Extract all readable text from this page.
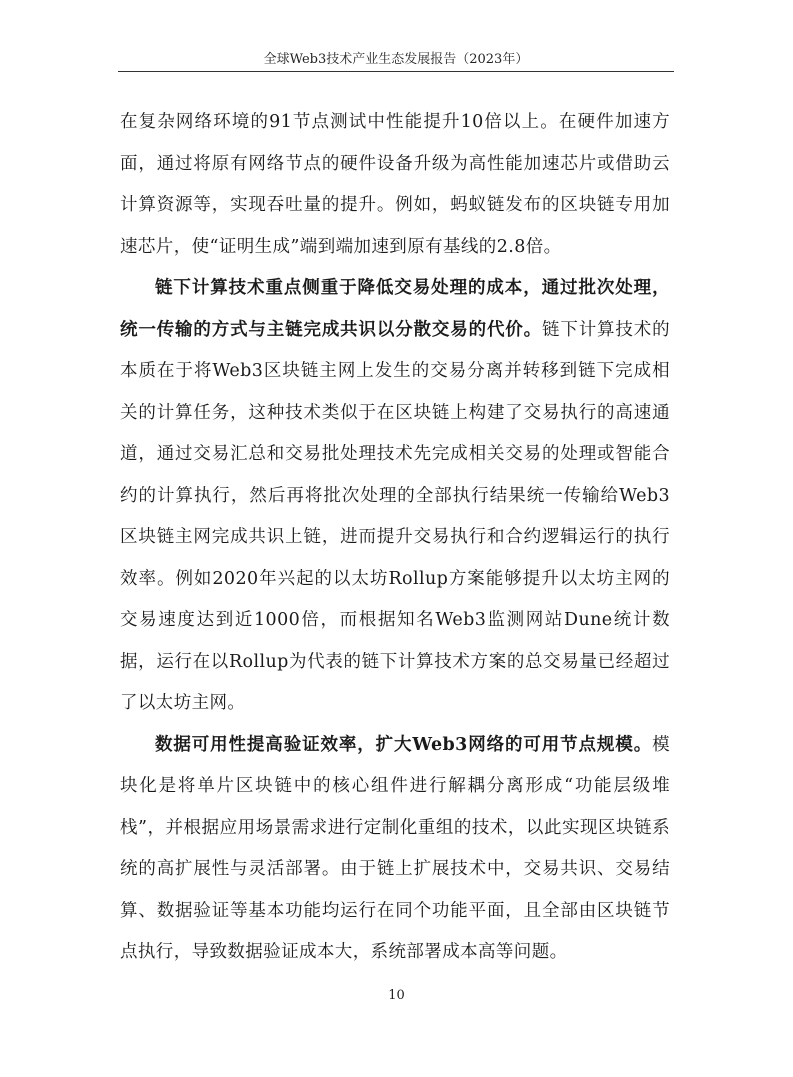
全球Web3技术产业生态发展报告（2023年）

在复杂网络环境的91节点测试中性能提升10倍以上。在硬件加速方面，通过将原有网络节点的硬件设备升级为高性能加速芯片或借助云计算资源等，实现吞吐量的提升。例如，蚂蚁链发布的区块链专用加速芯片，使“证明生成”端到端加速到原有基线的2.8倍。

链下计算技术重点侧重于降低交易处理的成本，通过批次处理，统一传输的方式与主链完成共识以分散交易的代价。链下计算技术的本质在于将Web3区块链主网上发生的交易分离并转移到链下完成相关的计算任务，这种技术类似于在区块链上构建了交易执行的高速通道，通过交易汇总和交易批处理技术先完成相关交易的处理或智能合约的计算执行，然后再将批次处理的全部执行结果统一传输给Web3区块链主网完成共识上链，进而提升交易执行和合约逻辑运行的执行效率。例如2020年兴起的以太坊Rollup方案能够提升以太坊主网的交易速度达到近1000倍，而根据知名Web3监测网站Dune统计数据，运行在以Rollup为代表的链下计算技术方案的总交易量已经超过了以太坊主网。

数据可用性提高验证效率，扩大Web3网络的可用节点规模。模块化是将单片区块链中的核心组件进行解耦分离形成“功能层级堆栈”，并根据应用场景需求进行定制化重组的技术，以此实现区块链系统的高扩展性与灵活部署。由于链上扩展技术中，交易共识、交易结算、数据验证等基本功能均运行在同个功能平面，且全部由区块链节点执行，导致数据验证成本大，系统部署成本高等问题。

10
